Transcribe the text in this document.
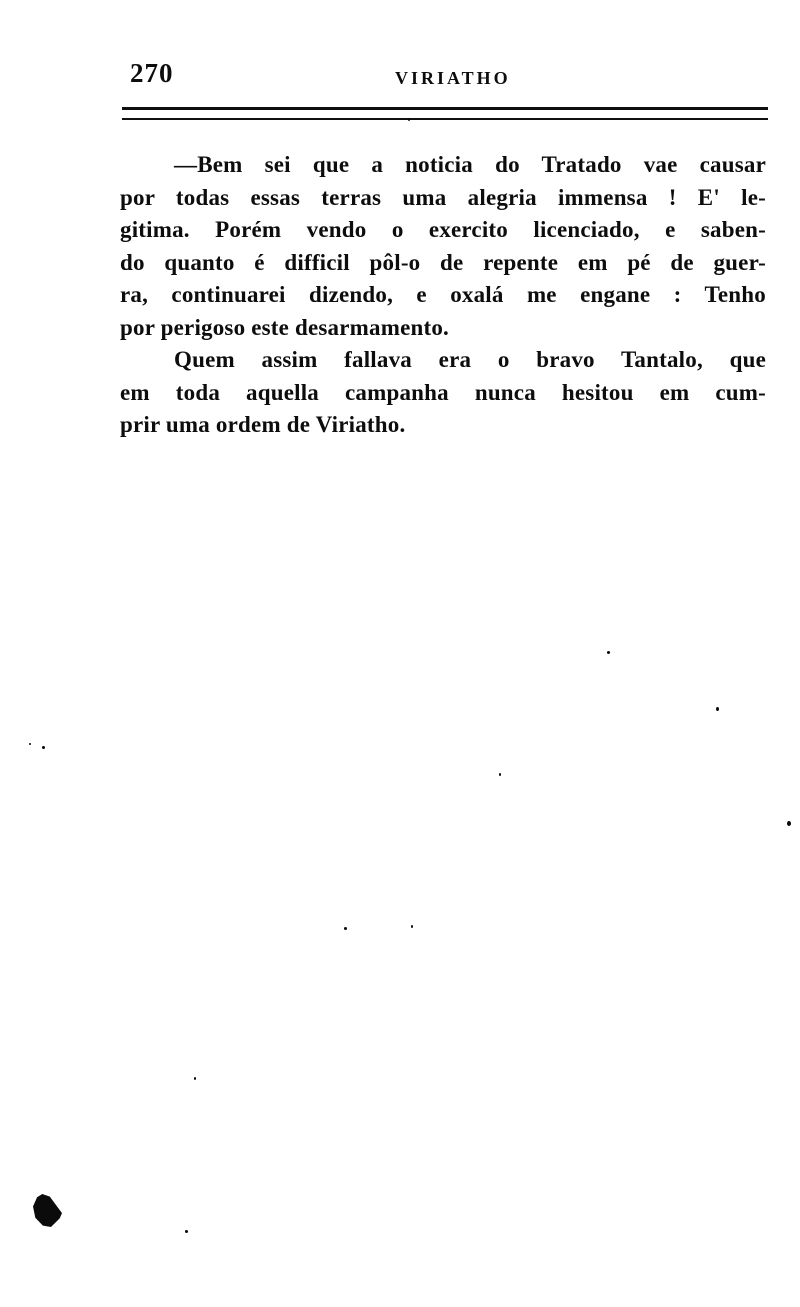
270	VIRIATHO
—Bem sei que a noticia do Tratado vae causar
por todas essas terras uma alegria immensa ! E' le-
gitima. Porém vendo o exercito licenciado, e saben-
do quanto é difficil pôl-o de repente em pé de guer-
ra, continuarei dizendo, e oxalá me engane : Tenho
por perigoso este desarmamento.
Quem assim fallava era o bravo Tantalo, que
em toda aquella campanha nunca hesitou em cum-
prir uma ordem de Viriatho.
